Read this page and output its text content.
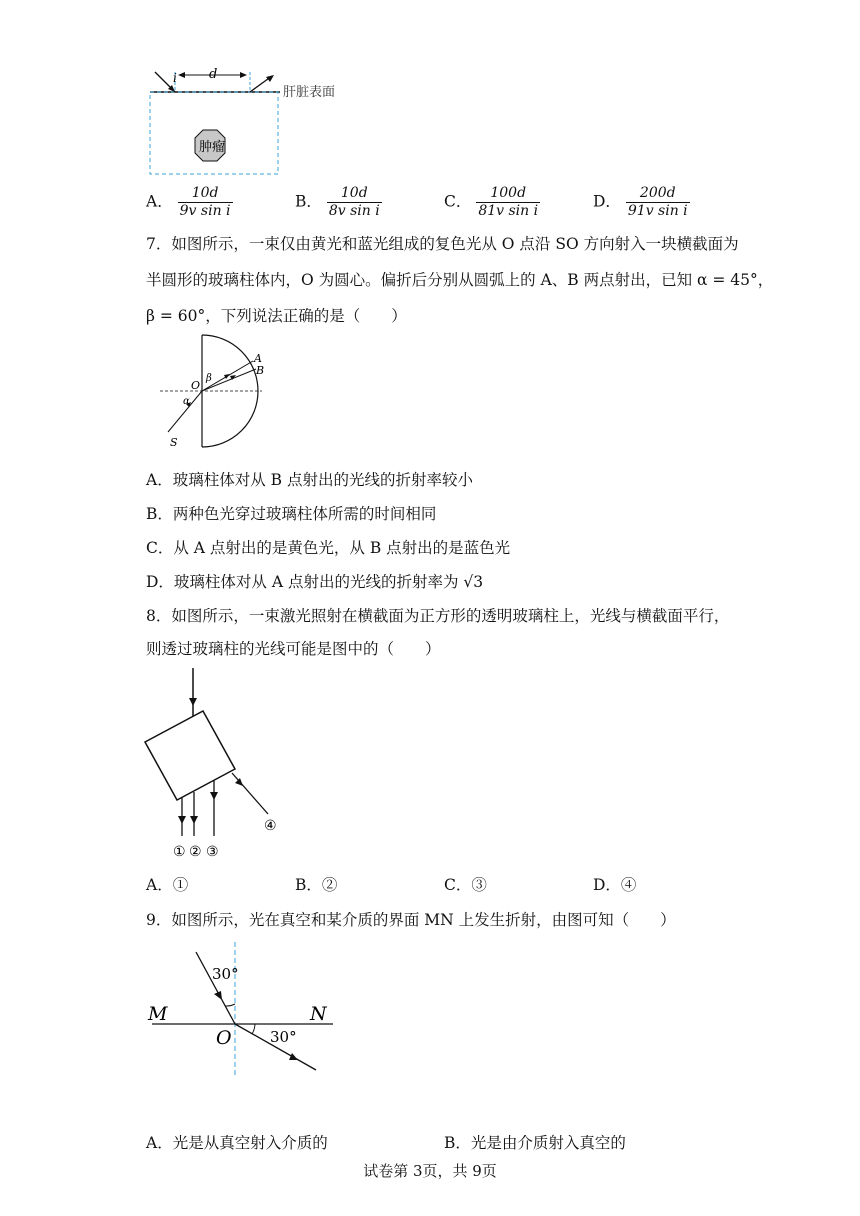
i d
肝脏表面
肿瘤
A． $\frac{10d}{\text{9v sin i}}$	B． $\frac{10d}{\text{8v sin i}}$	C． $\frac{100d}{\text{81v sin i}}$	D． $\frac{200d}{\text{91v sin i}}$
7．如图所示，一束仅由黄光和蓝光组成的复色光从 O 点沿 SO 方向射入一块横截面为
半圆形的玻璃柱体内，O 为圆心。偏折后分别从圆弧上的 A、B 两点射出，已知 α = 45°，
β = 60°，下列说法正确的是（　　）
A
B
O
S
α
β
A．玻璃柱体对从 B 点射出的光线的折射率较小
B．两种色光穿过玻璃柱体所需的时间相同
C．从 A 点射出的是黄色光，从 B 点射出的是蓝色光
D．玻璃柱体对从 A 点射出的光线的折射率为 √3
8．如图所示，一束激光照射在横截面为正方形的透明玻璃柱上，光线与横截面平行，
则透过玻璃柱的光线可能是图中的（　　）
① ② ③
④
A．①	B．②	C．③	D．④
9．如图所示，光在真空和某介质的界面 MN 上发生折射，由图可知（　　）
30°
30°
M	N
O
A．光是从真空射入介质的	B．光是由介质射入真空的
试卷第 3页，共 9页
